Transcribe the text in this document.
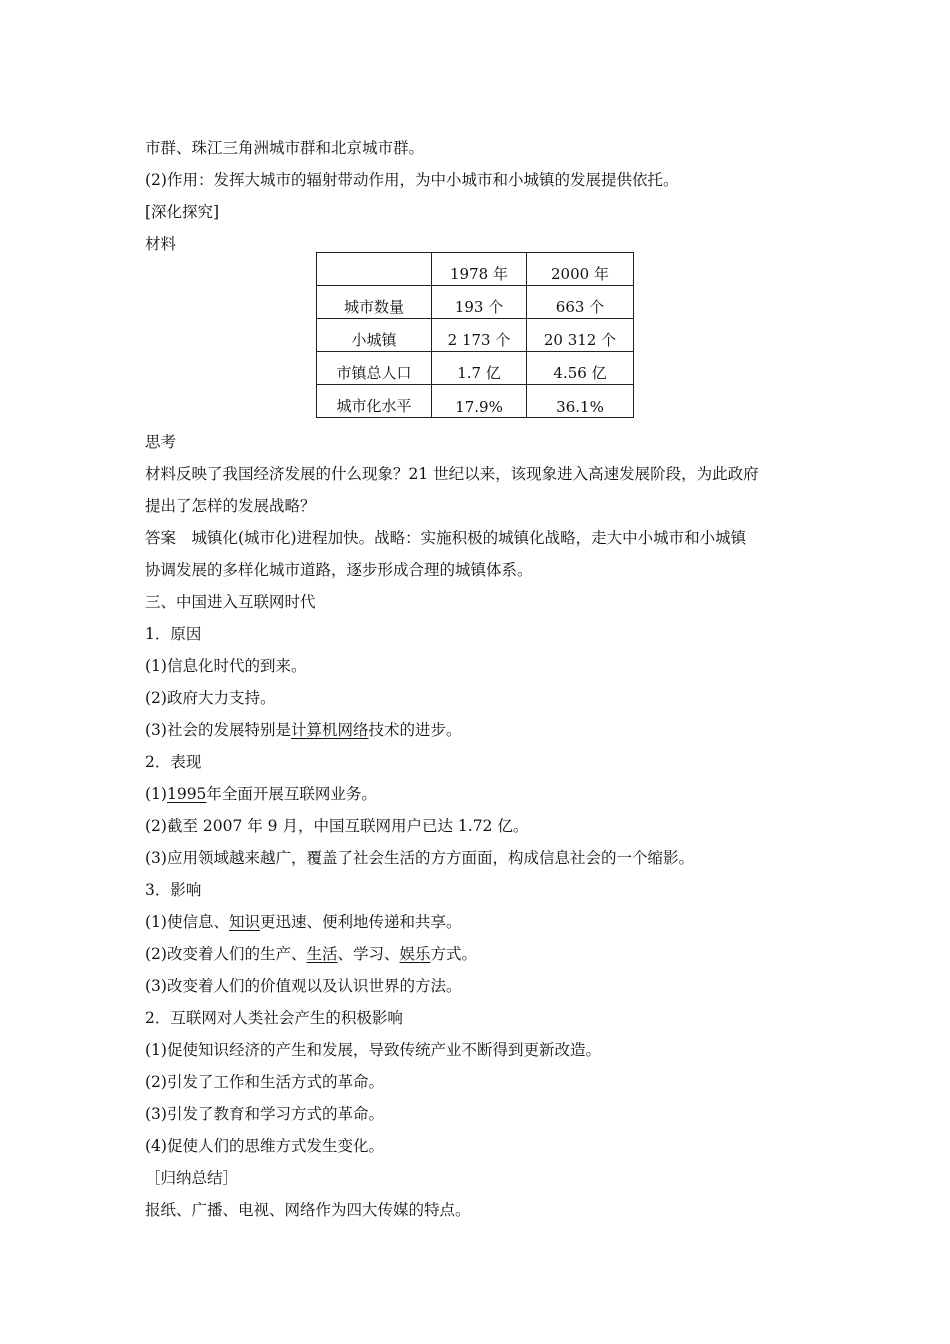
市群、珠江三角洲城市群和北京城市群。
(2)作用：发挥大城市的辐射带动作用，为中小城市和小城镇的发展提供依托。
[深化探究]
材料
	1978 年	2000 年
城市数量	193 个	663 个
小城镇	2 173 个	20 312 个
市镇总人口	1.7 亿	4.56 亿
城市化水平	17.9%	36.1%
思考
材料反映了我国经济发展的什么现象？21 世纪以来，该现象进入高速发展阶段，为此政府
提出了怎样的发展战略？
答案　城镇化(城市化)进程加快。战略：实施积极的城镇化战略，走大中小城市和小城镇
协调发展的多样化城市道路，逐步形成合理的城镇体系。
三、中国进入互联网时代
1．原因
(1)信息化时代的到来。
(2)政府大力支持。
(3)社会的发展特别是计算机网络技术的进步。
2．表现
(1)1995年全面开展互联网业务。
(2)截至 2007 年 9 月，中国互联网用户已达 1.72 亿。
(3)应用领域越来越广，覆盖了社会生活的方方面面，构成信息社会的一个缩影。
3．影响
(1)使信息、知识更迅速、便利地传递和共享。
(2)改变着人们的生产、生活、学习、娱乐方式。
(3)改变着人们的价值观以及认识世界的方法。
2．互联网对人类社会产生的积极影响
(1)促使知识经济的产生和发展，导致传统产业不断得到更新改造。
(2)引发了工作和生活方式的革命。
(3)引发了教育和学习方式的革命。
(4)促使人们的思维方式发生变化。
［归纳总结］
报纸、广播、电视、网络作为四大传媒的特点。
